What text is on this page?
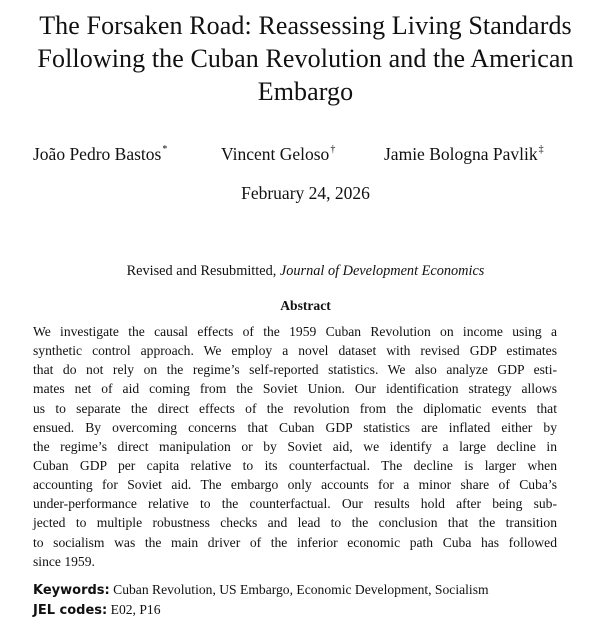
The Forsaken Road: Reassessing Living Standards
Following the Cuban Revolution and the American
Embargo
João Pedro Bastos*	Vincent Geloso†	Jamie Bologna Pavlik‡
February 24, 2026
Revised and Resubmitted, Journal of Development Economics
Abstract
We investigate the causal effects of the 1959 Cuban Revolution on income using a
synthetic control approach. We employ a novel dataset with revised GDP estimates
that do not rely on the regime’s self-reported statistics. We also analyze GDP esti-
mates net of aid coming from the Soviet Union. Our identification strategy allows
us to separate the direct effects of the revolution from the diplomatic events that
ensued. By overcoming concerns that Cuban GDP statistics are inflated either by
the regime’s direct manipulation or by Soviet aid, we identify a large decline in
Cuban GDP per capita relative to its counterfactual. The decline is larger when
accounting for Soviet aid. The embargo only accounts for a minor share of Cuba’s
under-performance relative to the counterfactual. Our results hold after being sub-
jected to multiple robustness checks and lead to the conclusion that the transition
to socialism was the main driver of the inferior economic path Cuba has followed
since 1959.
Keywords: Cuban Revolution, US Embargo, Economic Development, Socialism
JEL codes: E02, P16
